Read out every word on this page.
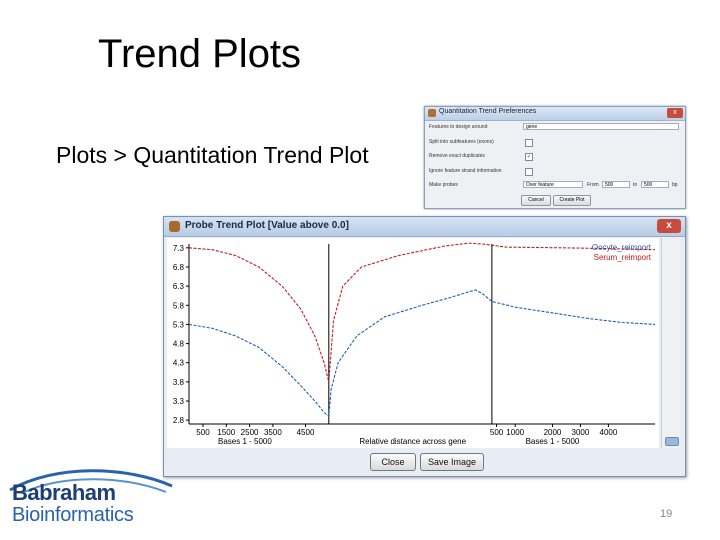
Trend Plots
Plots > Quantitation Trend Plot
Quantitation Trend Preferences	x
Features to design around	gene
Split into subfeatures (exons)
Remove exact duplicates	✓
Ignore feature strand information
Make probes	Over feature	From	500	to	500	bp
Cancel	Create Plot
Probe Trend Plot [Value above 0.0]	x
7.3
6.8
6.3
5.8
5.3
4.8
4.3
3.8
3.3
2.8
500 1500 2500 3500 4500	500 1000 2000 3000 4000
Bases 1 - 5000	Relative distance across gene	Bases 1 - 5000
Oocyte_reimport
Serum_reimport
Close	Save Image
Babraham
Bioinformatics	19
